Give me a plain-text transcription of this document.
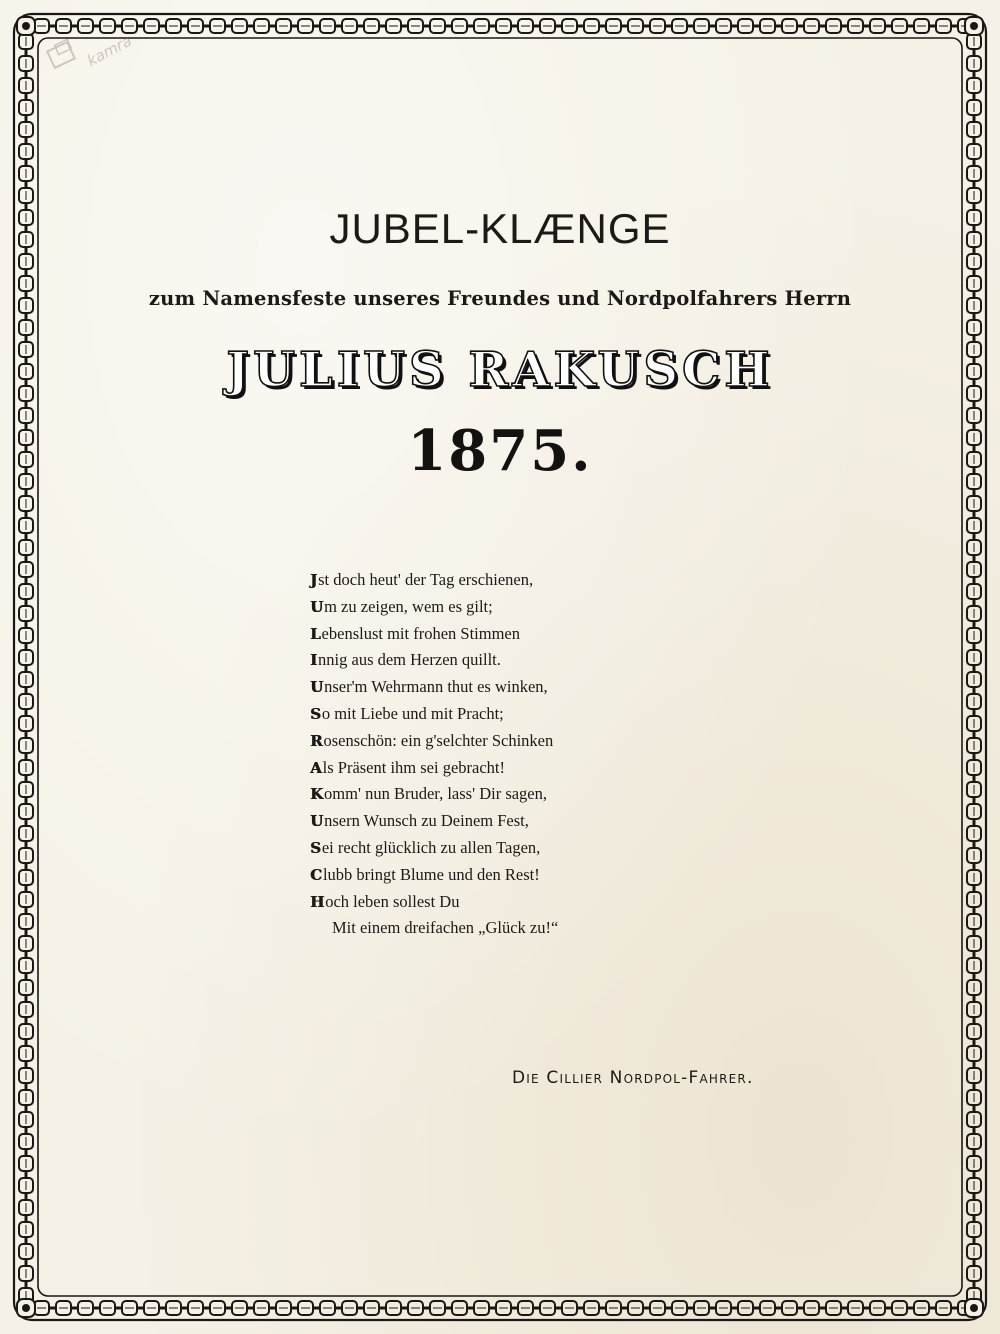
kamra
JUBEL-KLÆNGE
zum Namensfeste unseres Freundes und Nordpolfahrers Herrn
JULIUS RAKUSCH
1875.
Jst doch heut' der Tag erschienen,
Um zu zeigen, wem es gilt;
Lebenslust mit frohen Stimmen
Innig aus dem Herzen quillt.
Unser'm Wehrmann thut es winken,
So mit Liebe und mit Pracht;
Rosenschön: ein g'selchter Schinken
Als Präsent ihm sei gebracht!
Komm' nun Bruder, lass' Dir sagen,
Unsern Wunsch zu Deinem Fest,
Sei recht glücklich zu allen Tagen,
Clubb bringt Blume und den Rest!
Hoch leben sollest Du
Mit einem dreifachen „Glück zu!“
Die Cillier Nordpol-Fahrer.
